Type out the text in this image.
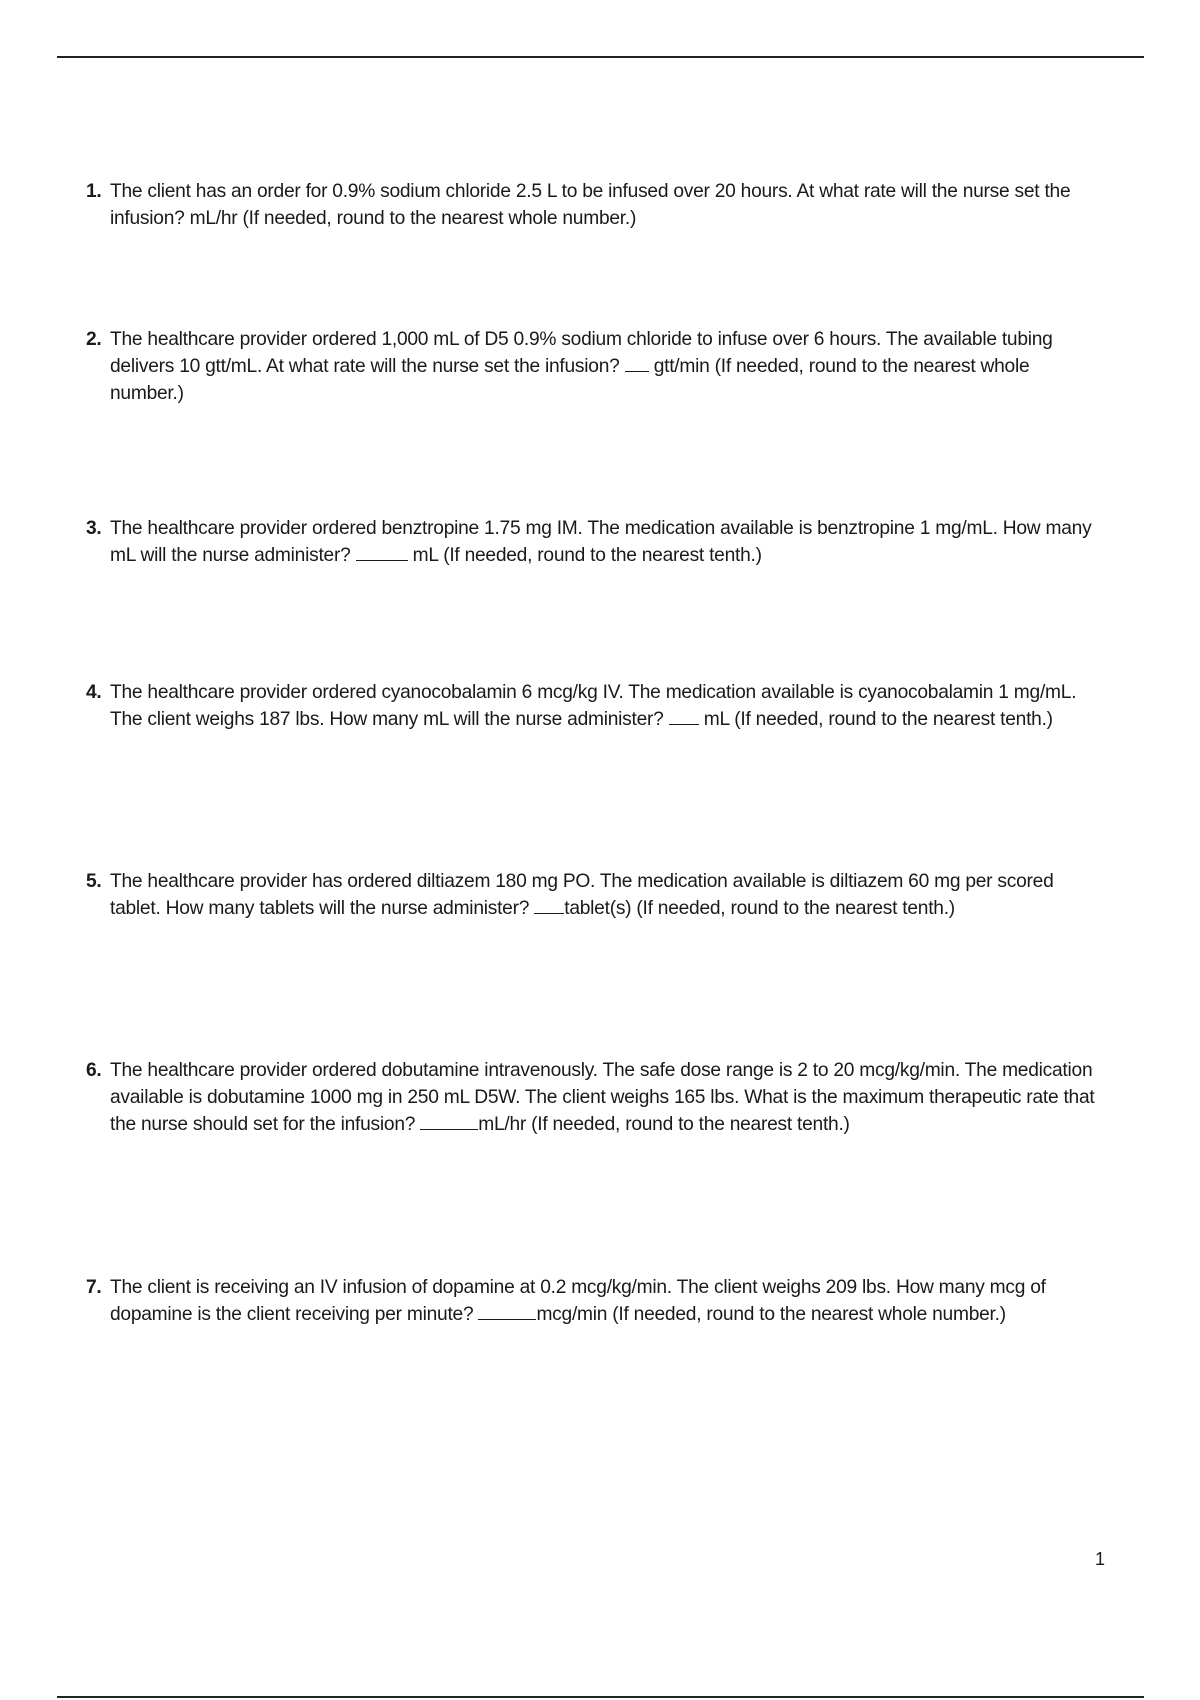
1. The client has an order for 0.9% sodium chloride 2.5 L to be infused over 20 hours. At what rate will the nurse set the infusion? mL/hr (If needed, round to the nearest whole number.)
2. The healthcare provider ordered 1,000 mL of D5 0.9% sodium chloride to infuse over 6 hours. The available tubing delivers 10 gtt/mL. At what rate will the nurse set the infusion?  gtt/min (If needed, round to the nearest whole number.)
3. The healthcare provider ordered benztropine 1.75 mg IM. The medication available is benztropine 1 mg/mL. How many mL will the nurse administer?	mL (If needed, round to the nearest tenth.)
4. The healthcare provider ordered cyanocobalamin 6 mcg/kg IV. The medication available is cyanocobalamin 1 mg/mL. The client weighs 187 lbs. How many mL will the nurse administer?  mL (If needed, round to the nearest tenth.)
5. The healthcare provider has ordered diltiazem 180 mg PO. The medication available is diltiazem 60 mg per scored tablet. How many tablets will the nurse administer? tablet(s) (If needed, round to the nearest tenth.)
6. The healthcare provider ordered dobutamine intravenously. The safe dose range is 2 to 20 mcg/kg/min. The medication available is dobutamine 1000 mg in 250 mL D5W. The client weighs 165 lbs. What is the maximum therapeutic rate that the nurse should set for the infusion?	mL/hr (If needed, round to the nearest tenth.)
7. The client is receiving an IV infusion of dopamine at 0.2 mcg/kg/min. The client weighs 209 lbs. How many mcg of dopamine is the client receiving per minute?	mcg/min (If needed, round to the nearest whole number.)
1
